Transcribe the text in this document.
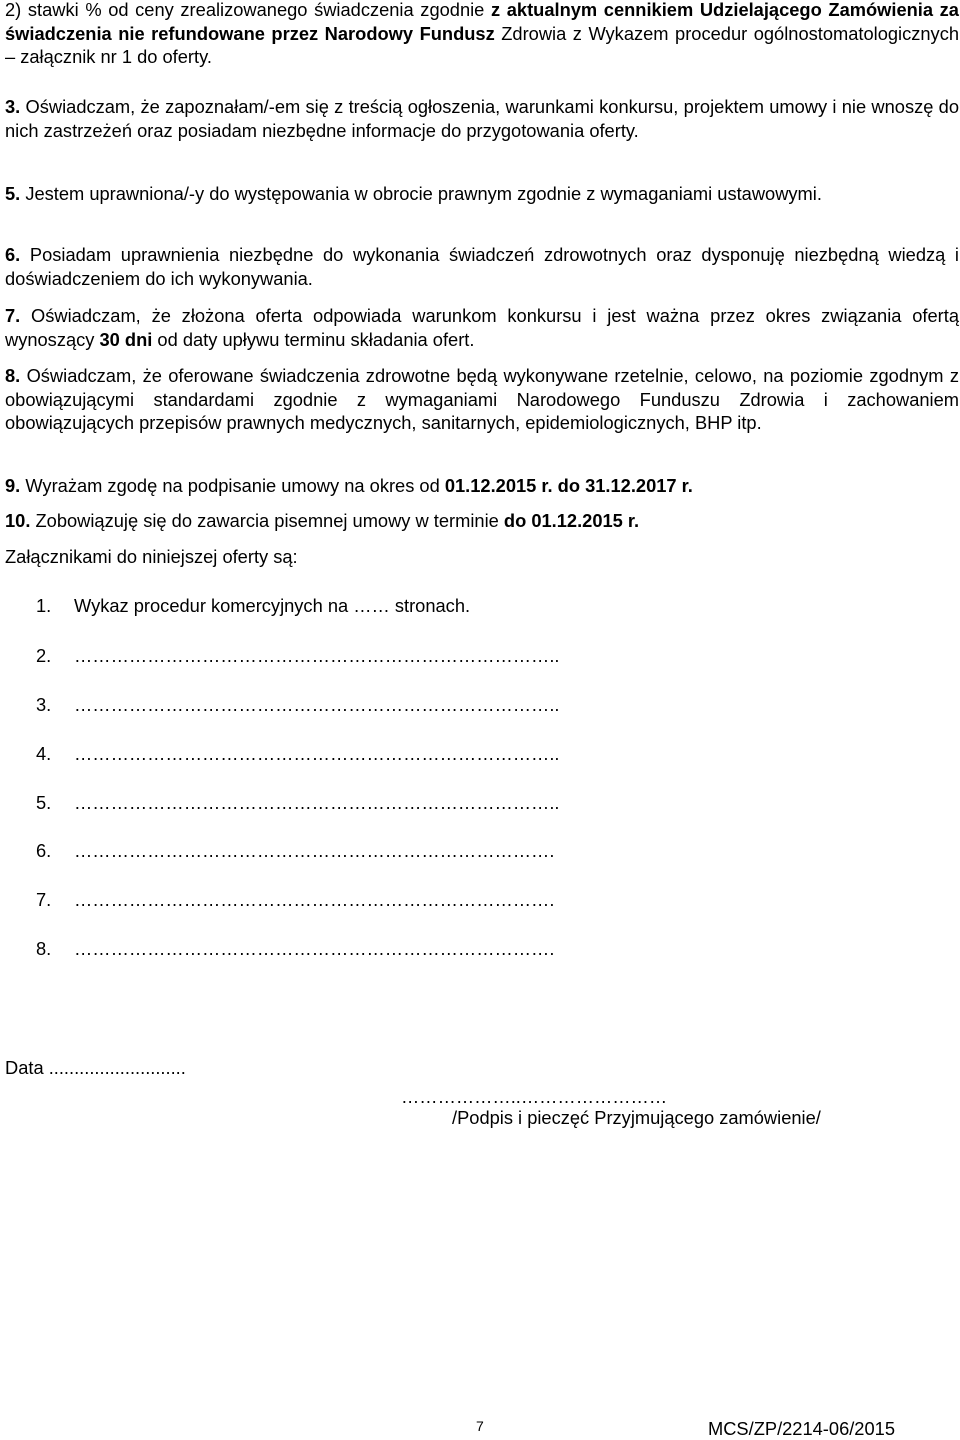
2) stawki % od ceny zrealizowanego świadczenia zgodnie z aktualnym cennikiem Udzielającego Zamówienia za świadczenia nie refundowane przez Narodowy Fundusz Zdrowia z Wykazem procedur ogólnostomatologicznych – załącznik nr 1 do oferty.
3. Oświadczam, że zapoznałam/-em się z treścią ogłoszenia, warunkami konkursu, projektem umowy i nie wnoszę do nich zastrzeżeń oraz posiadam niezbędne informacje do przygotowania oferty.
5. Jestem uprawniona/-y do występowania w obrocie prawnym zgodnie z wymaganiami ustawowymi.
6. Posiadam uprawnienia niezbędne do wykonania świadczeń zdrowotnych oraz dysponuję niezbędną wiedzą i doświadczeniem do ich wykonywania.
7. Oświadczam, że złożona oferta odpowiada warunkom konkursu i jest ważna przez okres związania ofertą wynoszący 30 dni od daty upływu terminu składania ofert.
8. Oświadczam, że oferowane świadczenia zdrowotne będą wykonywane rzetelnie, celowo, na poziomie zgodnym z obowiązującymi standardami zgodnie z wymaganiami Narodowego Funduszu Zdrowia i zachowaniem obowiązujących przepisów prawnych medycznych, sanitarnych, epidemiologicznych, BHP itp.
9. Wyrażam zgodę na podpisanie umowy na okres od 01.12.2015 r. do 31.12.2017 r.
10. Zobowiązuję się do zawarcia pisemnej umowy w terminie do 01.12.2015 r.
Załącznikami do niniejszej oferty są:
1. Wykaz procedur komercyjnych na …… stronach.
2. ……………………………………………………………………..
3. ……………………………………………………………………..
4. ……………………………………………………………………..
5. ……………………………………………………………………..
6. …………………………………………………………………….
7. …………………………………………………………………….
8. …………………………………………………………………….
Data ...........................
………………..……………………
/Podpis i pieczęć Przyjmującego zamówienie/
7	MCS/ZP/2214-06/2015
